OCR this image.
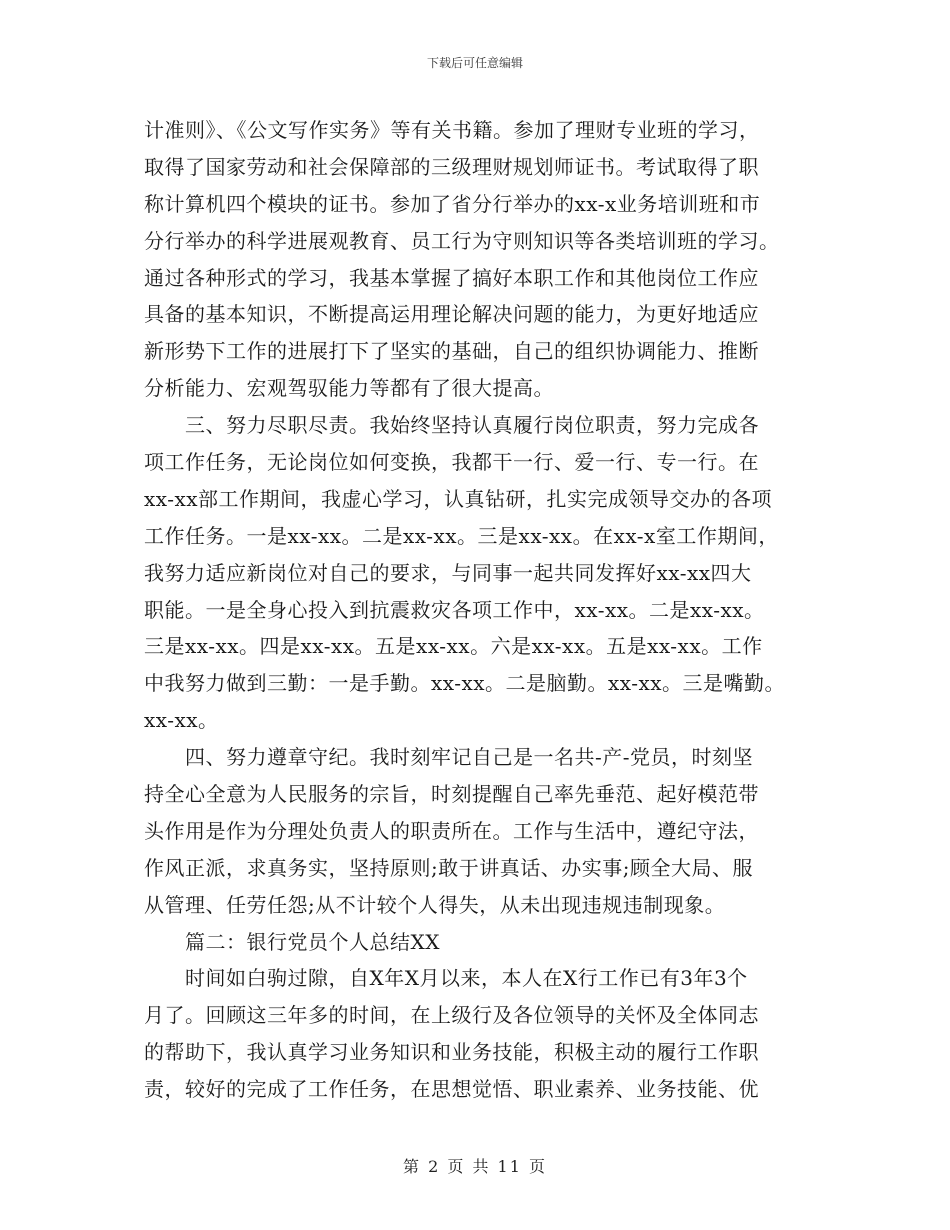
下载后可任意编辑
计准则》、《公文写作实务》等有关书籍。参加了理财专业班的学习，
取得了国家劳动和社会保障部的三级理财规划师证书。考试取得了职
称计算机四个模块的证书。参加了省分行举办的xx-x业务培训班和市
分行举办的科学进展观教育、员工行为守则知识等各类培训班的学习。
通过各种形式的学习，我基本掌握了搞好本职工作和其他岗位工作应
具备的基本知识，不断提高运用理论解决问题的能力，为更好地适应
新形势下工作的进展打下了坚实的基础，自己的组织协调能力、推断
分析能力、宏观驾驭能力等都有了很大提高。
　　三、努力尽职尽责。我始终坚持认真履行岗位职责，努力完成各
项工作任务，无论岗位如何变换，我都干一行、爱一行、专一行。在
xx-xx部工作期间，我虚心学习，认真钻研，扎实完成领导交办的各项
工作任务。一是xx-xx。二是xx-xx。三是xx-xx。在xx-x室工作期间，
我努力适应新岗位对自己的要求，与同事一起共同发挥好xx-xx四大
职能。一是全身心投入到抗震救灾各项工作中，xx-xx。二是xx-xx。
三是xx-xx。四是xx-xx。五是xx-xx。六是xx-xx。五是xx-xx。工作
中我努力做到三勤：一是手勤。xx-xx。二是脑勤。xx-xx。三是嘴勤。
xx-xx。
　　四、努力遵章守纪。我时刻牢记自己是一名共-产-党员，时刻坚
持全心全意为人民服务的宗旨，时刻提醒自己率先垂范、起好模范带
头作用是作为分理处负责人的职责所在。工作与生活中，遵纪守法，
作风正派，求真务实，坚持原则;敢于讲真话、办实事;顾全大局、服
从管理、任劳任怨;从不计较个人得失，从未出现违规违制现象。
　　篇二：银行党员个人总结XX
　　时间如白驹过隙，自X年X月以来，本人在X行工作已有3年3个
月了。回顾这三年多的时间，在上级行及各位领导的关怀及全体同志
的帮助下，我认真学习业务知识和业务技能，积极主动的履行工作职
责，较好的完成了工作任务，在思想觉悟、职业素养、业务技能、优
第 2 页 共 11 页
